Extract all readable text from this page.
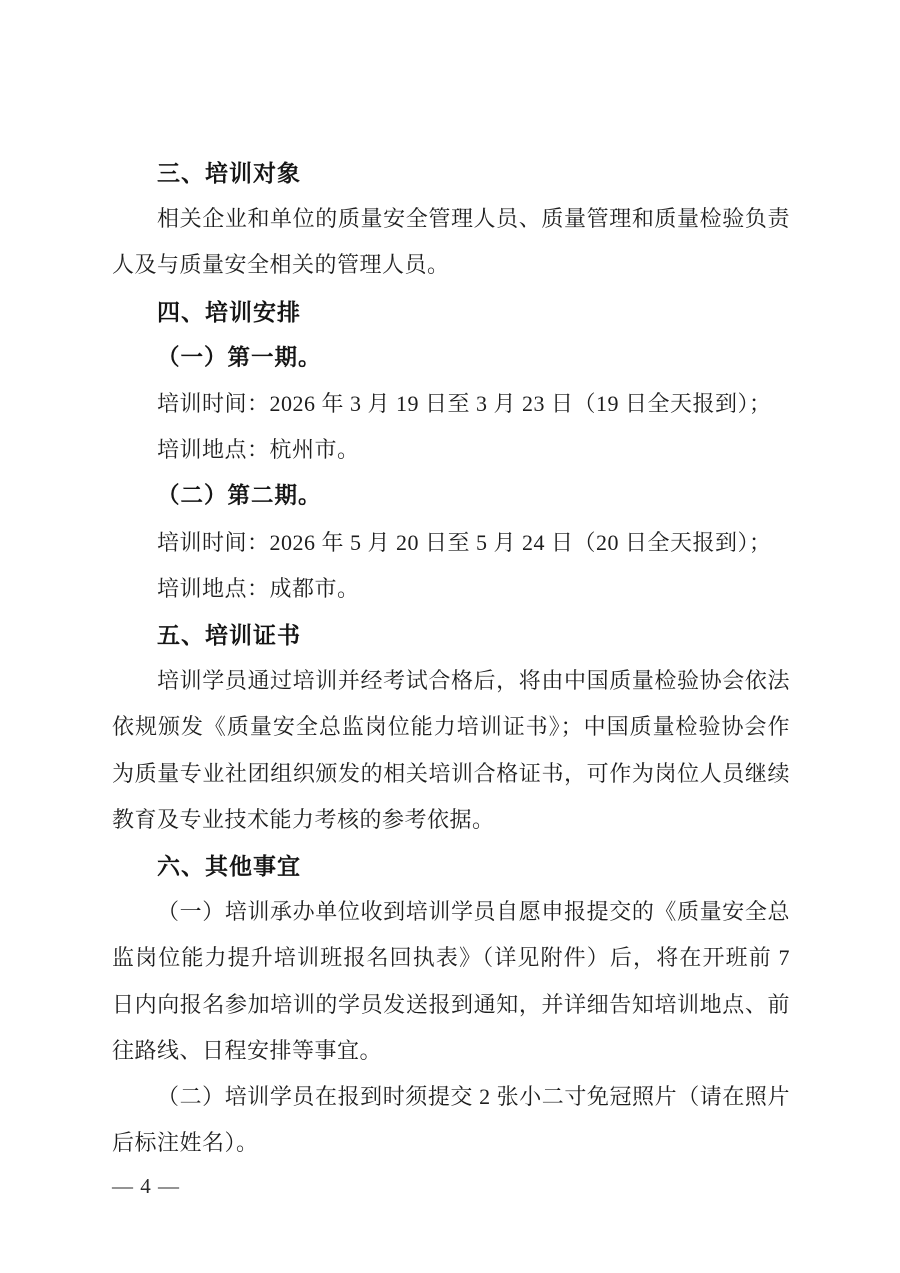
三、培训对象

相关企业和单位的质量安全管理人员、质量管理和质量检验负责人及与质量安全相关的管理人员。

四、培训安排
（一）第一期。

培训时间：2026 年 3 月 19 日至 3 月 23 日（19 日全天报到）；

培训地点：杭州市。

（二）第二期。

培训时间：2026 年 5 月 20 日至 5 月 24 日（20 日全天报到）；

培训地点：成都市。

五、培训证书

培训学员通过培训并经考试合格后，将由中国质量检验协会依法依规颁发《质量安全总监岗位能力培训证书》；中国质量检验协会作为质量专业社团组织颁发的相关培训合格证书，可作为岗位人员继续教育及专业技术能力考核的参考依据。

六、其他事宜

（一）培训承办单位收到培训学员自愿申报提交的《质量安全总监岗位能力提升培训班报名回执表》（详见附件）后，将在开班前 7 日内向报名参加培训的学员发送报到通知，并详细告知培训地点、前往路线、日程安排等事宜。

（二）培训学员在报到时须提交 2 张小二寸免冠照片（请在照片后标注姓名）。

— 4 —
